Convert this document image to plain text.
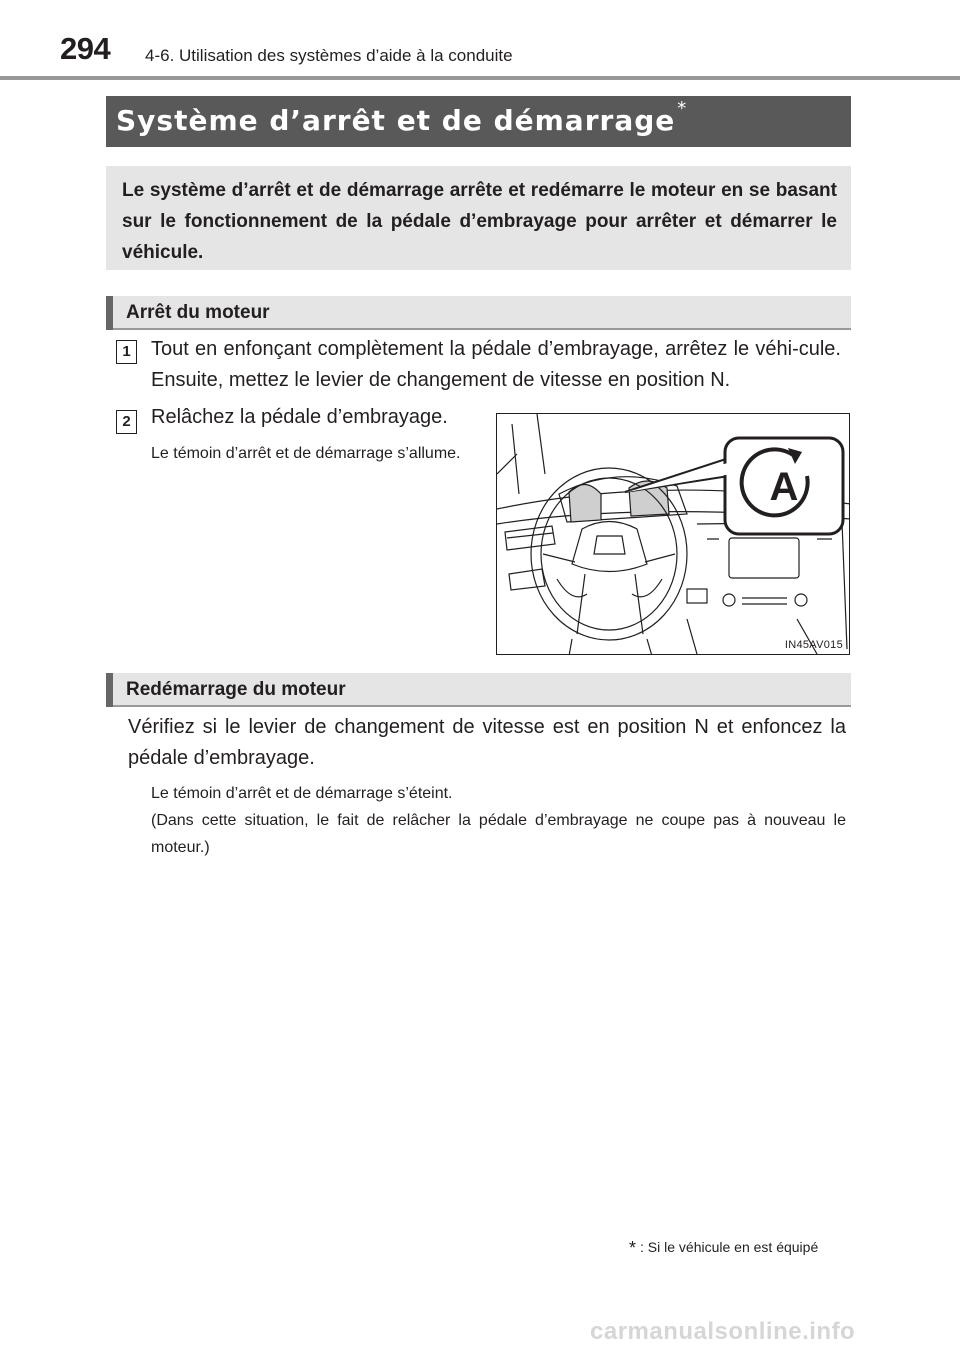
294 4-6. Utilisation des systèmes d’aide à la conduite
Système d’arrêt et de démarrage *
Le système d’arrêt et de démarrage arrête et redémarre le moteur en se basant sur le fonctionnement de la pédale d’embrayage pour arrêter et démarrer le véhicule.
Arrêt du moteur
1	Tout en enfonçant complètement la pédale d’embrayage, arrêtez le véhi-cule. Ensuite, mettez le levier de changement de vitesse en position N.
2	Relâchez la pédale d’embrayage.
Le témoin d’arrêt et de démarrage s’allume.
A
IN45AV015
Redémarrage du moteur
Vérifiez si le levier de changement de vitesse est en position N et enfoncez la pédale d’embrayage.
Le témoin d’arrêt et de démarrage s’éteint.
(Dans cette situation, le fait de relâcher la pédale d’embrayage ne coupe pas à nouveau le moteur.)
* : Si le véhicule en est équipé
carmanualsonline.info
